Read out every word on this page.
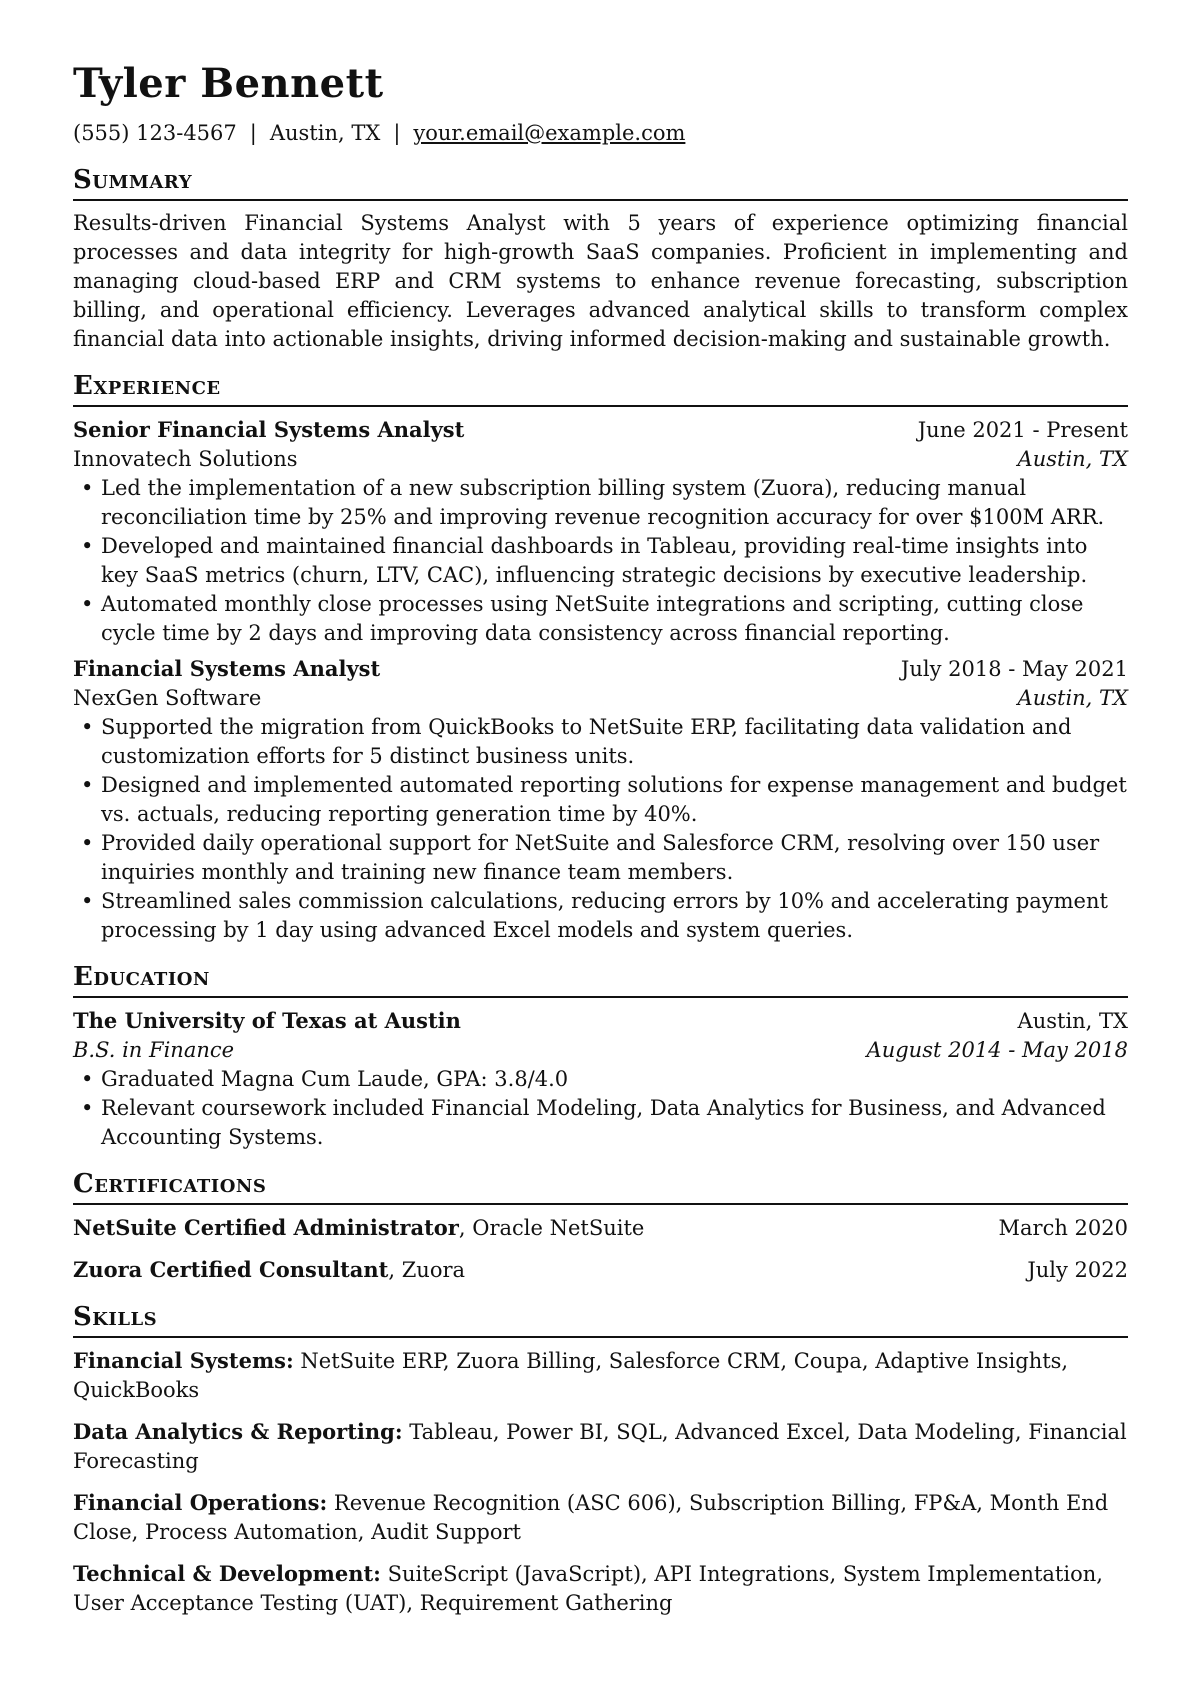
Tyler Bennett
(555) 123-4567 | Austin, TX | your.email@example.com
Summary
Results-driven Financial Systems Analyst with 5 years of experience optimizing financial processes and data integrity for high-growth SaaS companies. Proficient in implementing and managing cloud-based ERP and CRM systems to enhance revenue forecasting, subscription billing, and operational efficiency. Leverages advanced analytical skills to transform complex financial data into actionable insights, driving informed decision-making and sustainable growth.
Experience
Senior Financial Systems Analyst	June 2021 - Present
Innovatech Solutions	Austin, TX
• Led the implementation of a new subscription billing system (Zuora), reducing manual reconciliation time by 25% and improving revenue recognition accuracy for over $100M ARR.
• Developed and maintained financial dashboards in Tableau, providing real-time insights into key SaaS metrics (churn, LTV, CAC), influencing strategic decisions by executive leadership.
• Automated monthly close processes using NetSuite integrations and scripting, cutting close cycle time by 2 days and improving data consistency across financial reporting.
Financial Systems Analyst	July 2018 - May 2021
NexGen Software	Austin, TX
• Supported the migration from QuickBooks to NetSuite ERP, facilitating data validation and customization efforts for 5 distinct business units.
• Designed and implemented automated reporting solutions for expense management and budget vs. actuals, reducing reporting generation time by 40%.
• Provided daily operational support for NetSuite and Salesforce CRM, resolving over 150 user inquiries monthly and training new finance team members.
• Streamlined sales commission calculations, reducing errors by 10% and accelerating payment processing by 1 day using advanced Excel models and system queries.
Education
The University of Texas at Austin	Austin, TX
B.S. in Finance	August 2014 - May 2018
• Graduated Magna Cum Laude, GPA: 3.8/4.0
• Relevant coursework included Financial Modeling, Data Analytics for Business, and Advanced Accounting Systems.
Certifications
NetSuite Certified Administrator, Oracle NetSuite	March 2020
Zuora Certified Consultant, Zuora	July 2022
Skills
Financial Systems: NetSuite ERP, Zuora Billing, Salesforce CRM, Coupa, Adaptive Insights, QuickBooks
Data Analytics & Reporting: Tableau, Power BI, SQL, Advanced Excel, Data Modeling, Financial Forecasting
Financial Operations: Revenue Recognition (ASC 606), Subscription Billing, FP&A, Month End Close, Process Automation, Audit Support
Technical & Development: SuiteScript (JavaScript), API Integrations, System Implementation, User Acceptance Testing (UAT), Requirement Gathering
